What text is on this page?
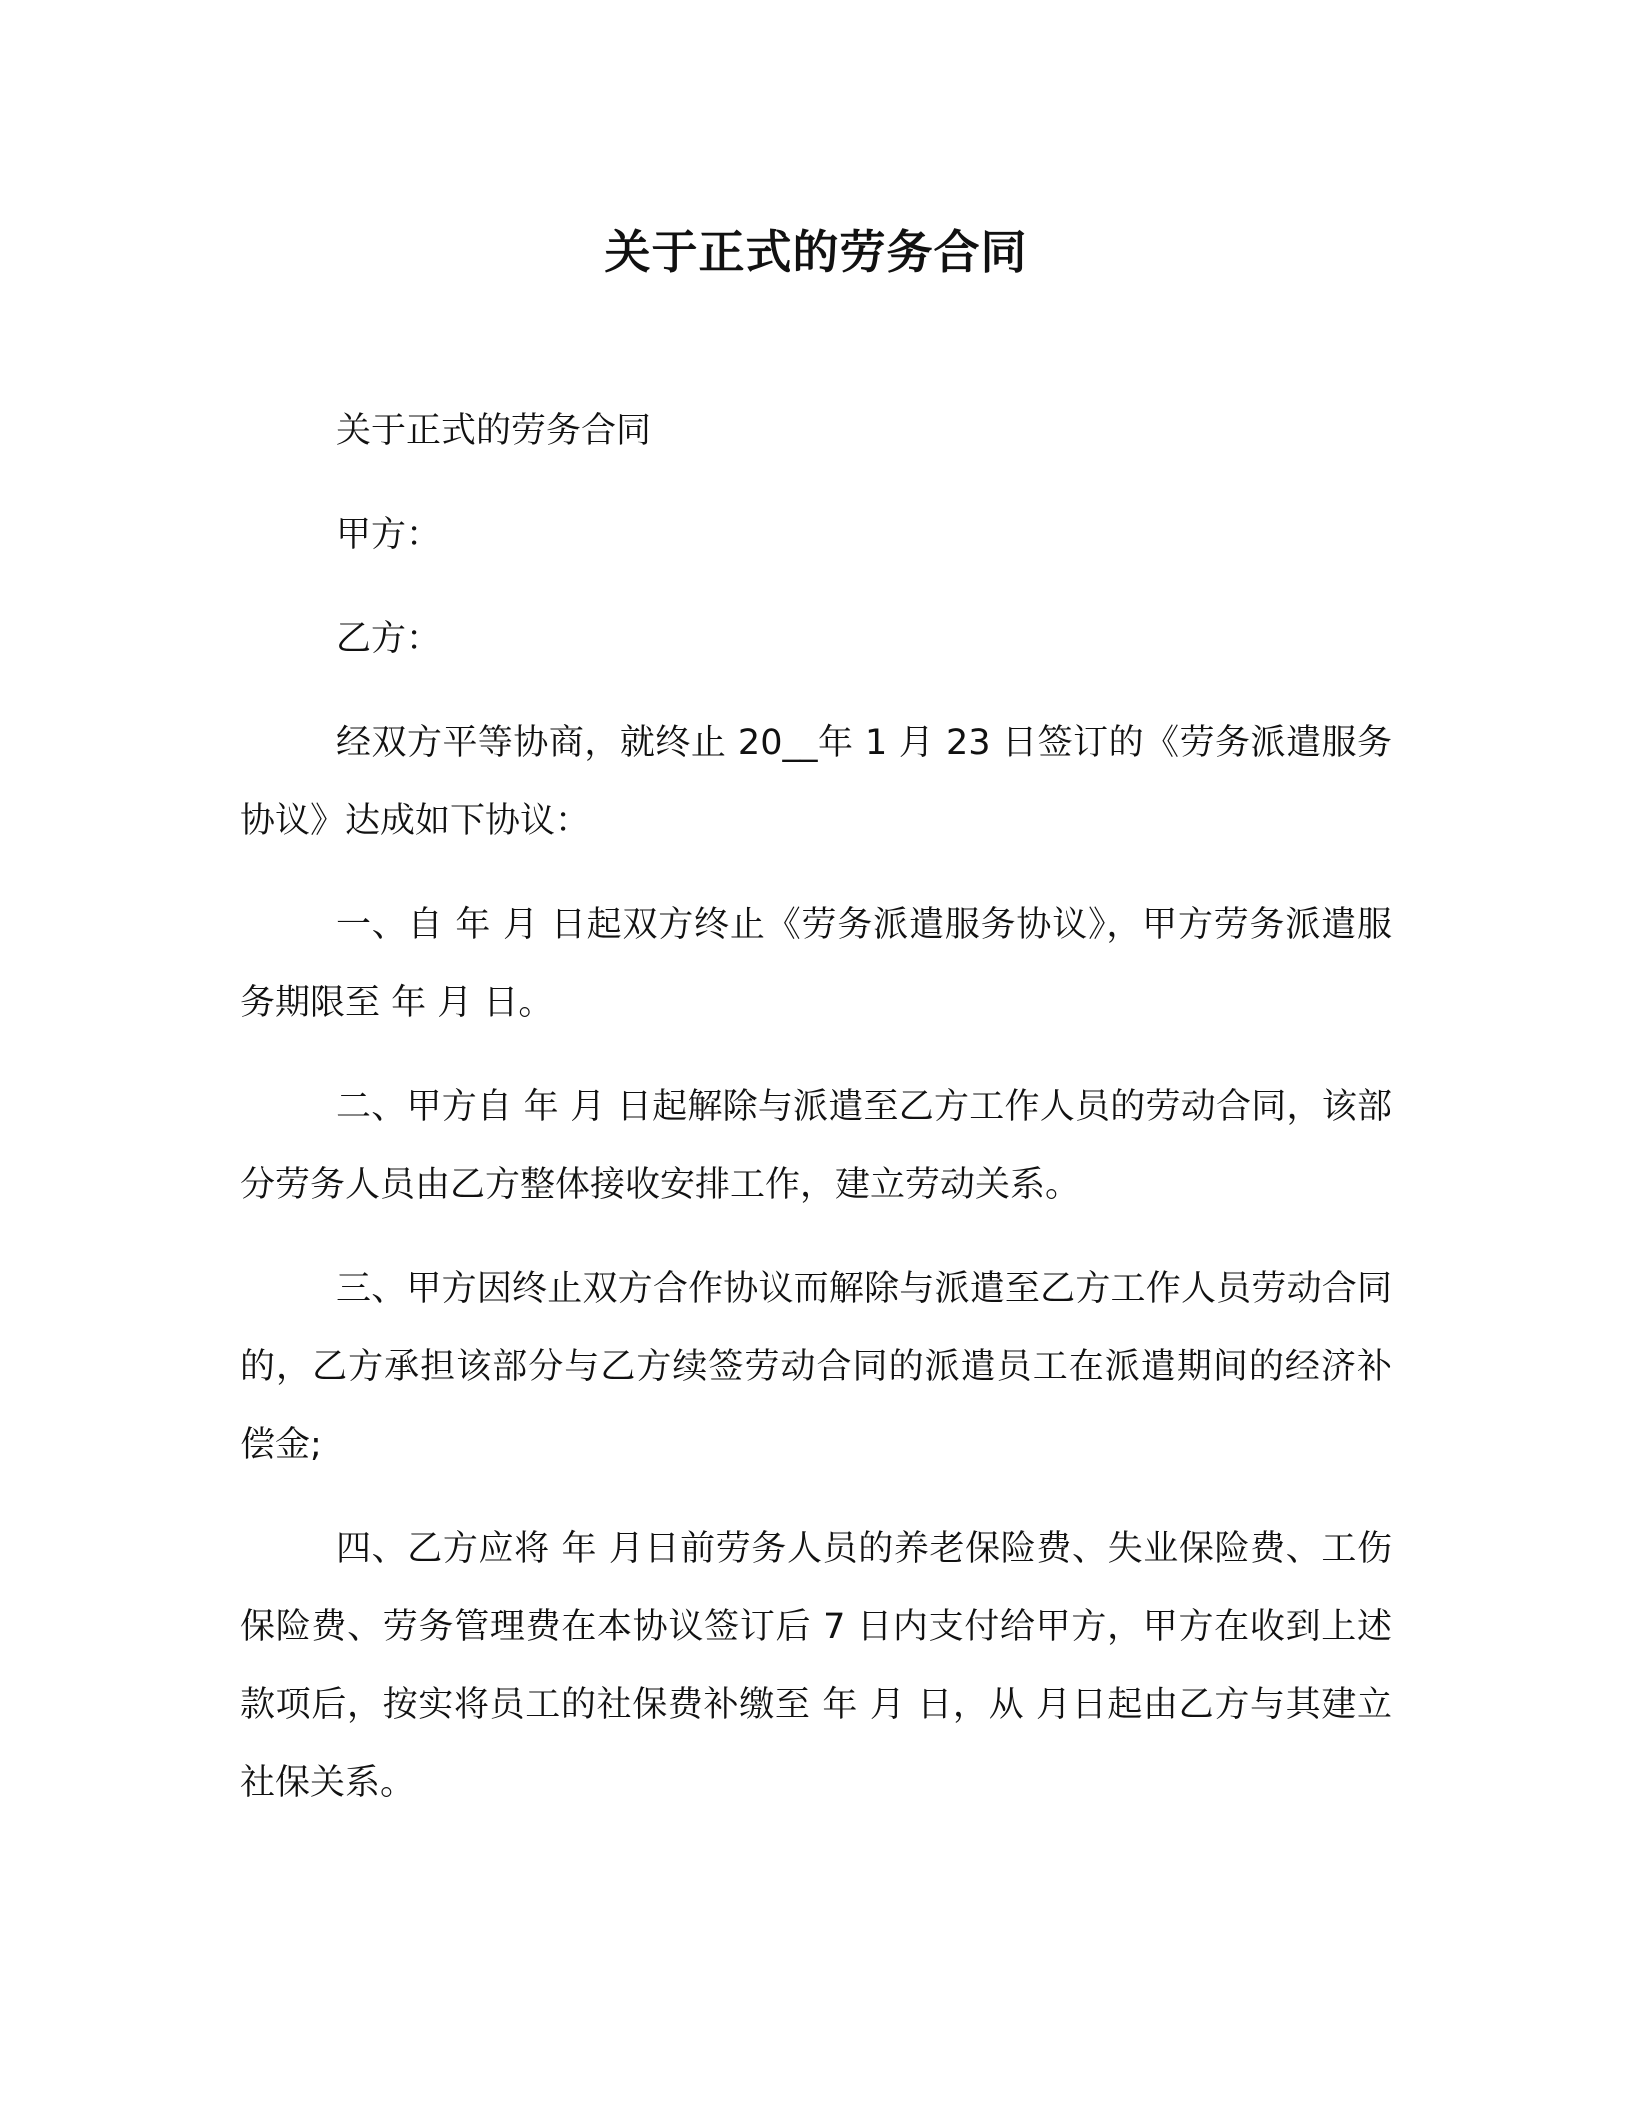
关于正式的劳务合同

关于正式的劳务合同

甲方：

乙方：

经双方平等协商，就终止 20__年 1 月 23 日签订的《劳务派遣服务协议》达成如下协议：

一、自 年 月 日起双方终止《劳务派遣服务协议》，甲方劳务派遣服务期限至 年 月 日。

二、甲方自 年 月 日起解除与派遣至乙方工作人员的劳动合同，该部分劳务人员由乙方整体接收安排工作，建立劳动关系。

三、甲方因终止双方合作协议而解除与派遣至乙方工作人员劳动合同的，乙方承担该部分与乙方续签劳动合同的派遣员工在派遣期间的经济补偿金;

四、乙方应将 年 月日前劳务人员的养老保险费、失业保险费、工伤保险费、劳务管理费在本协议签订后 7 日内支付给甲方，甲方在收到上述款项后，按实将员工的社保费补缴至 年 月 日，从 月日起由乙方与其建立社保关系。
